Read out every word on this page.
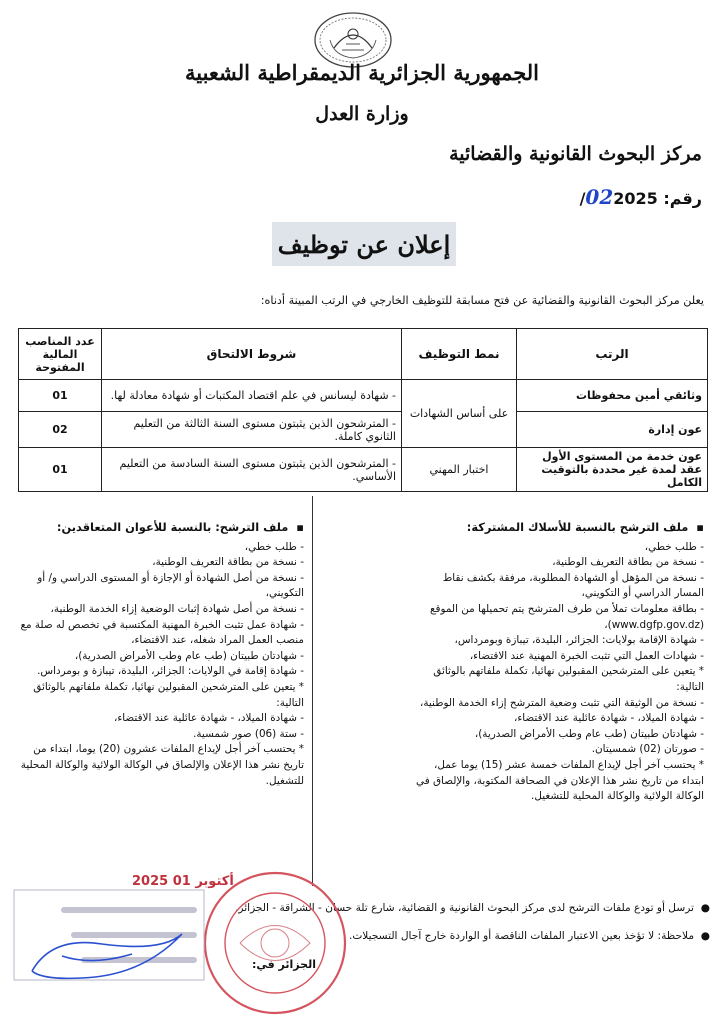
الجمهورية الجزائرية الديمقراطية الشعبية
وزارة العدل
مركز البحوث القانونية والقضائية
رقم: 022025/
إعلان عن توظيف
يعلن مركز البحوث القانونية والقضائية عن فتح مسابقة للتوظيف الخارجي في الرتب المبينة أدناه:
الرتب	نمط التوظيف	شروط الالتحاق	عدد المناصب المالية المفتوحة
وثائقي أمين محفوظات	على أساس الشهادات	- شهادة ليسانس في علم اقتصاد المكتبات أو شهادة معادلة لها.	01
عون إدارة		- المترشحون الذين يثبتون مستوى السنة الثالثة من التعليم الثانوي كاملة.	02
عون خدمة من المستوى الأول عقد لمدة غير محددة بالتوقيت الكامل	اختبار المهني	- المترشحون الذين يثبتون مستوى السنة السادسة من التعليم الأساسي.	01

▪  ملف الترشح بالنسبة للأسلاك المشتركة:

- طلب خطي،

- نسخة من بطاقة التعريف الوطنية،

- نسخة من المؤهل أو الشهادة المطلوبة، مرفقة بكشف نقاط المسار الدراسي أو التكويني،

- بطاقة معلومات تملأ من طرف المترشح يتم تحميلها من الموقع (www.dgfp.gov.dz)،

- شهادة الإقامة بولايات: الجزائر، البليدة، تيبازة وبومرداس،

- شهادات العمل التي تثبت الخبرة المهنية عند الاقتضاء،

* يتعين على المترشحين المقبولين نهائيا، تكملة ملفاتهم بالوثائق التالية:

- نسخة من الوثيقة التي تثبت وضعية المترشح إزاء الخدمة الوطنية،

- شهادة الميلاد، - شهادة عائلية عند الاقتضاء،

- شهادتان طبيتان (طب عام وطب الأمراض الصدرية)،

- صورتان (02) شمسيتان.

* يحتسب آخر أجل لإيداع الملفات خمسة عشر (15) يوما عمل، ابتداء من تاريخ نشر هذا الإعلان في الصحافة المكتوبة، والإلصاق في الوكالة الولائية والوكالة المحلية للتشغيل.

▪  ملف الترشح: بالنسبة للأعوان المتعاقدين:

- طلب خطي،

- نسخة من بطاقة التعريف الوطنية،

- نسخة من أصل الشهادة أو الإجازة أو المستوى الدراسي و/ أو التكويني،

- نسخة من أصل شهادة إثبات الوضعية إزاء الخدمة الوطنية،

- شهادة عمل تثبت الخبرة المهنية المكتسبة في تخصص له صلة مع منصب العمل المراد شغله، عند الاقتضاء،

- شهادتان طبيتان (طب عام وطب الأمراض الصدرية)،

- شهادة إقامة في الولايات: الجزائر، البليدة، تيبازة و بومرداس.

* يتعين على المترشحين المقبولين نهائيا، تكملة ملفاتهم بالوثائق التالية:

- شهادة الميلاد، - شهادة عائلية عند الاقتضاء،

- ستة (06) صور شمسية.

* يحتسب آخر أجل لإيداع الملفات عشرون (20) يوما، ابتداء من تاريخ نشر هذا الإعلان والإلصاق في الوكالة الولائية والوكالة المحلية للتشغيل.

●  ترسل أو تودع ملفات الترشح لدى مركز البحوث القانونية و القضائية، شارع تلة حسان - الشراقة - الجزائر.
●  ملاحظة: لا تؤخذ بعين الاعتبار الملفات الناقصة أو الواردة خارج آجال التسجيلات.
2025 أكتوبر 01
الجزائر في:
